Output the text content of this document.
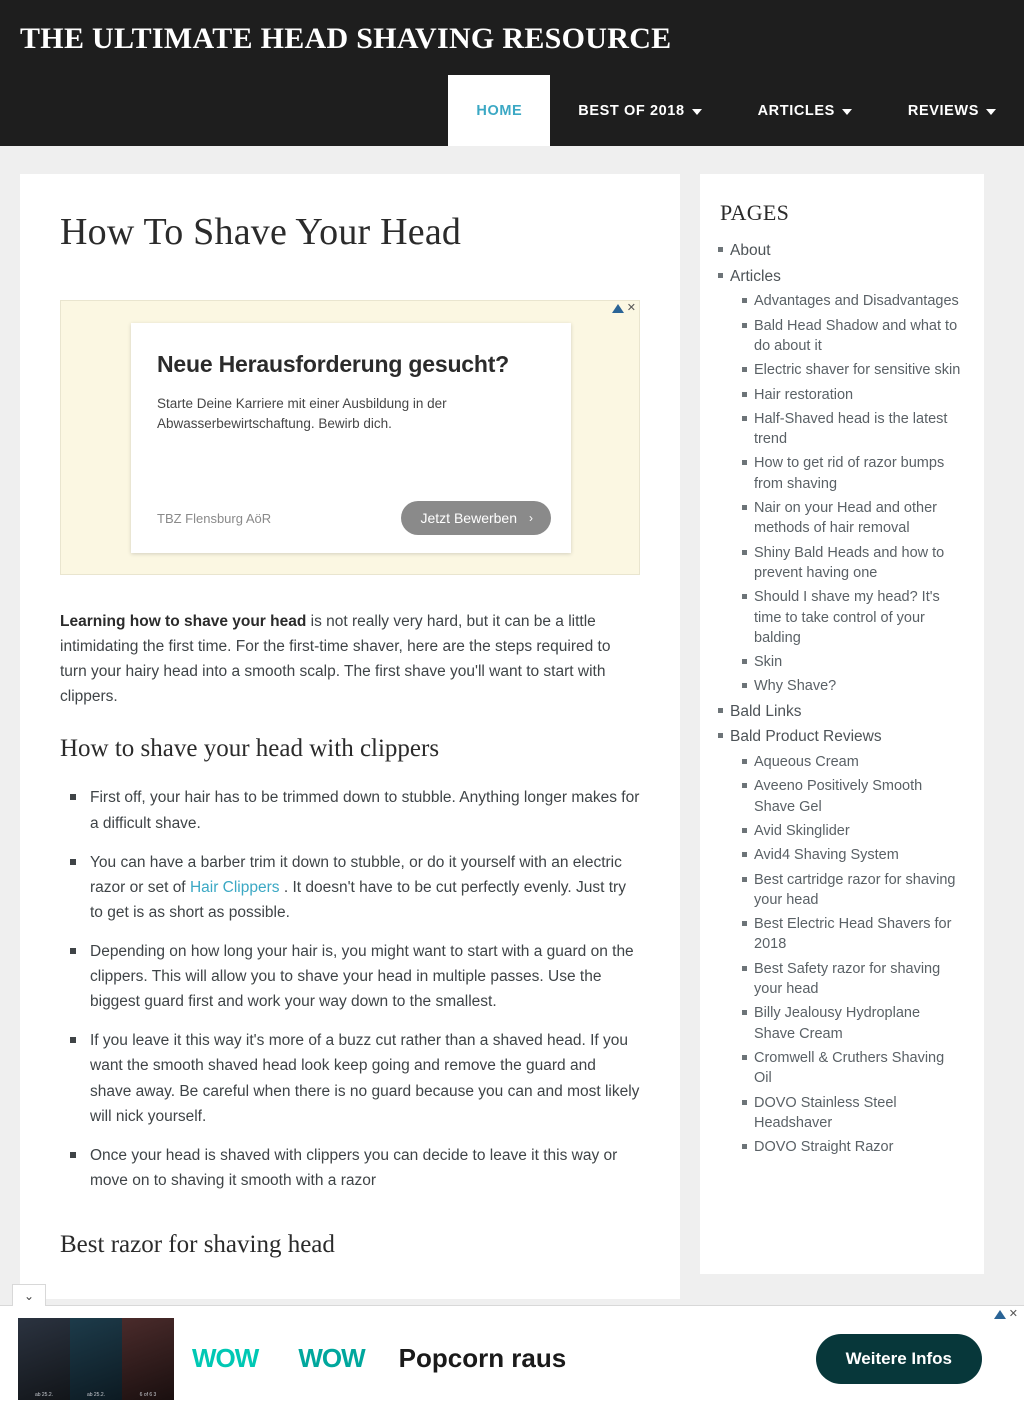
THE ULTIMATE HEAD SHAVING RESOURCE
HOME	BEST OF 2018	ARTICLES	REVIEWS
How To Shave Your Head
✕

Neue Herausforderung gesucht?

Starte Deine Karriere mit einer Ausbildung in der Abwasserbewirtschaftung. Bewirb dich.

TBZ Flensburg AöR	Jetzt Bewerben ›

Learning how to shave your head is not really very hard, but it can be a little intimidating the first time. For the first-time shaver, here are the steps required to turn your hairy head into a smooth scalp. The first shave you'll want to start with clippers.

How to shave your head with clippers
First off, your hair has to be trimmed down to stubble. Anything longer makes for a difficult shave.
You can have a barber trim it down to stubble, or do it yourself with an electric razor or set of Hair Clippers . It doesn't have to be cut perfectly evenly. Just try to get is as short as possible.
Depending on how long your hair is, you might want to start with a guard on the clippers. This will allow you to shave your head in multiple passes. Use the biggest guard first and work your way down to the smallest.
If you leave it this way it's more of a buzz cut rather than a shaved head. If you want the smooth shaved head look keep going and remove the guard and shave away. Be careful when there is no guard because you can and most likely will nick yourself.
Once your head is shaved with clippers you can decide to leave it this way or move on to shaving it smooth with a razor
Best razor for shaving head
PAGES
About
Articles
Advantages and Disadvantages
Bald Head Shadow and what to do about it
Electric shaver for sensitive skin
Hair restoration
Half-Shaved head is the latest trend
How to get rid of razor bumps from shaving
Nair on your Head and other methods of hair removal
Shiny Bald Heads and how to prevent having one
Should I shave my head? It's time to take control of your balding
Skin
Why Shave?
Bald Links
Bald Product Reviews
Aqueous Cream
Aveeno Positively Smooth Shave Gel
Avid Skinglider
Avid4 Shaving System
Best cartridge razor for shaving your head
Best Electric Head Shavers for 2018
Best Safety razor for shaving your head
Billy Jealousy Hydroplane Shave Cream
Cromwell & Cruthers Shaving Oil
DOVO Stainless Steel Headshaver
DOVO Straight Razor
⌄
✕
ab 25.2.	ab 25.2.	6 of 6 3
WOW WOW Popcorn raus	Weitere Infos
